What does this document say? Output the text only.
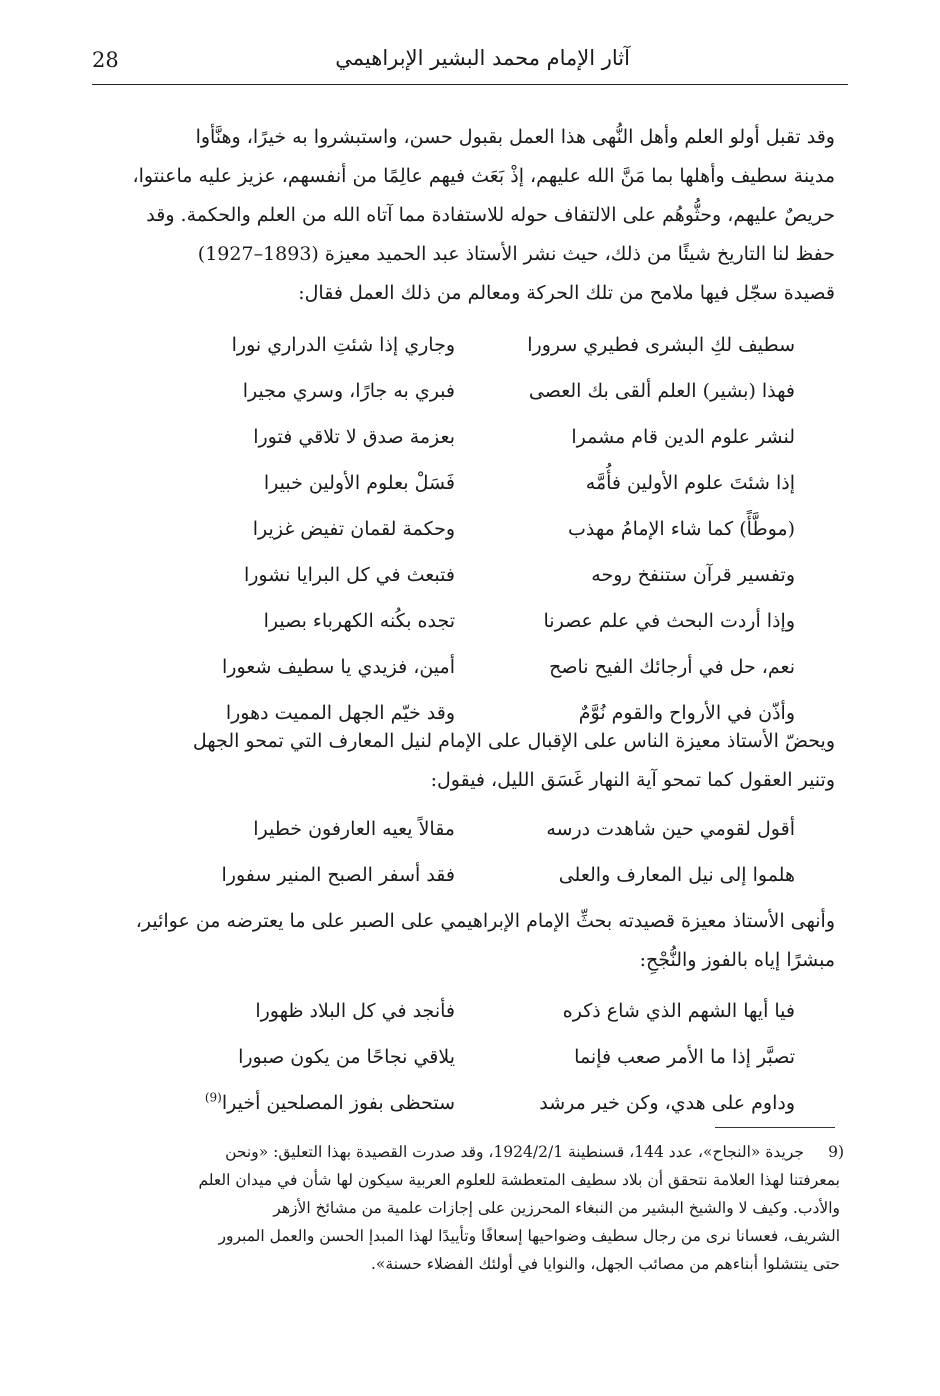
28	آثار الإمام محمد البشير الإبراهيمي
وقد تقبل أولو العلم وأهل النُّهى هذا العمل بقبول حسن، واستبشروا به خيرًا، وهنَّأوا
مدينة سطيف وأهلها بما مَنَّ الله عليهم، إذْ بَعَث فيهم عالِمًا من أنفسهم، عزيز عليه ماعنتوا،
حريصٌ عليهم، وحثُّوهُم على الالتفاف حوله للاستفادة مما آتاه الله من العلم والحكمة. وقد
حفظ لنا التاريخ شيئًا من ذلك، حيث نشر الأستاذ عبد الحميد معيزة (1893–1927)
قصيدة سجّل فيها ملامح من تلك الحركة ومعالم من ذلك العمل فقال:
سطيف لكِ البشرى فطيري سرورا
وجاري إذا شئتِ الدراري نورا
فهذا (بشير) العلم ألقى بك العصى
فبري به جارًا، وسري مجيرا
لنشر علوم الدين قام مشمرا
بعزمة صدق لا تلاقي فتورا
إذا شئتَ علوم الأولين فأُمَّه
فَسَلْ بعلوم الأولين خبيرا
(موطَّأً) كما شاء الإمامُ مهذب
وحكمة لقمان تفيض غزيرا
وتفسير قرآن ستنفخ روحه
فتبعث في كل البرايا نشورا
وإذا أردت البحث في علم عصرنا
تجده بكُنه الكهرباء بصيرا
نعم، حل في أرجائك الفيح ناصح
أمين، فزيدي يا سطيف شعورا
وأذّن في الأرواح والقوم نُوَّمٌ
وقد خيّم الجهل المميت دهورا
ويحضّ الأستاذ معيزة الناس على الإقبال على الإمام لنيل المعارف التي تمحو الجهل
وتنير العقول كما تمحو آية النهار غَسَق الليل، فيقول:
أقول لقومي حين شاهدت درسه
مقالاً يعيه العارفون خطيرا
هلموا إلى نيل المعارف والعلى
فقد أسفر الصبح المنير سفورا
وأنهى الأستاذ معيزة قصيدته بحثِّ الإمام الإبراهيمي على الصبر على ما يعترضه من عوائير،
مبشرًا إياه بالفوز والنُّجْحِ:
فيا أيها الشهم الذي شاع ذكره
فأنجد في كل البلاد ظهورا
تصبَّر إذا ما الأمر صعب فإنما
يلاقي نجاحًا من يكون صبورا
وداوم على هدي، وكن خير مرشد
ستحظى بفوز المصلحين أخيرا$^{(9)}$
9)
جريدة «النجاح»، عدد 144، قسنطينة 1924/2/1، وقد صدرت القصيدة بهذا التعليق: «ونحن
بمعرفتنا لهذا العلامة نتحقق أن بلاد سطيف المتعطشة للعلوم العربية سيكون لها شأن في ميدان العلم
والأدب. وكيف لا والشيخ البشير من النبغاء المحرزين على إجازات علمية من مشائخ الأزهر
الشريف، فعسانا نرى من رجال سطيف وضواحيها إسعافًا وتأييدًا لهذا المبدإ الحسن والعمل المبرور
حتى ينتشلوا أبناءهم من مصائب الجهل، والنوايا في أولئك الفضلاء حسنة».
